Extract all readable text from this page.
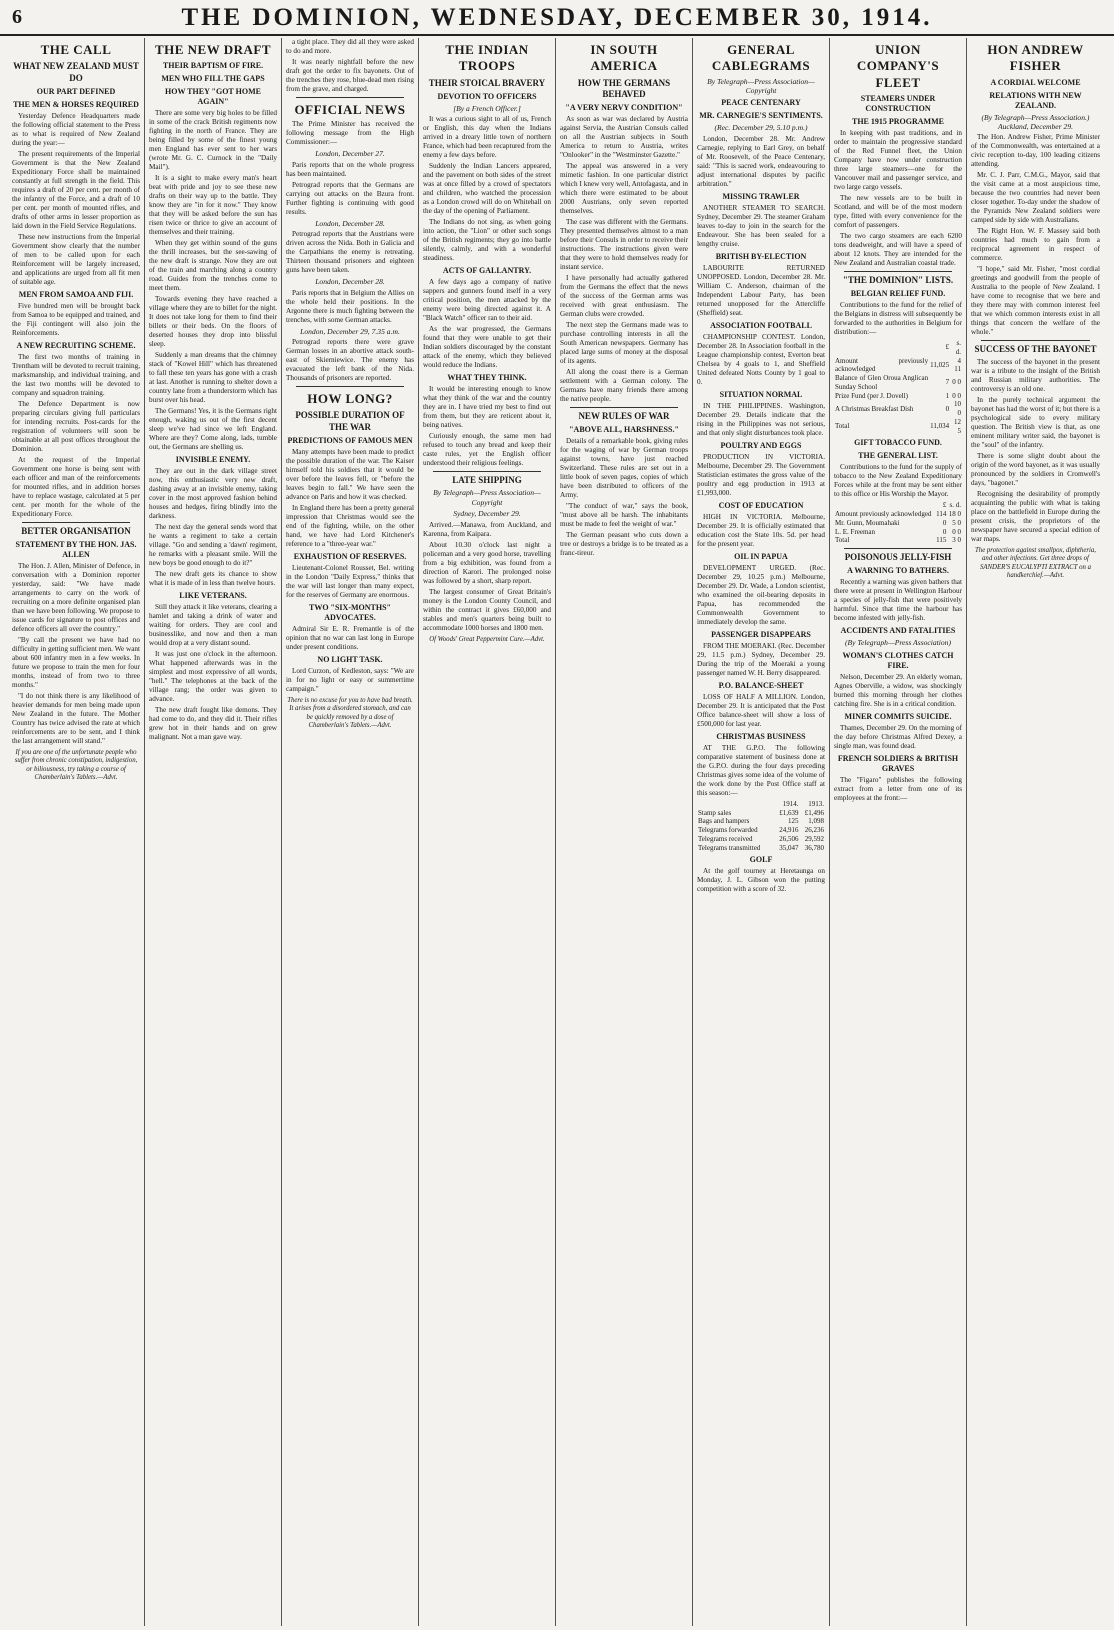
6	THE DOMINION, WEDNESDAY, DECEMBER 30, 1914.
THE CALL
WHAT NEW ZEALAND MUST DO
OUR PART DEFINED
THE MEN & HORSES REQUIRED

Yesterday Defence Headquarters made the following official statement to the Press as to what is required of New Zealand during the year:—

The present requirements of the Imperial Government is that the New Zealand Expeditionary Force shall be maintained constantly at full strength in the field. This requires a draft of 20 per cent. per month of the infantry of the Force, and a draft of 10 per cent. per month of mounted rifles, and drafts of other arms in lesser proportion as laid down in the Field Service Regulations.

These new instructions from the Imperial Government show clearly that the number of men to be called upon for each Reinforcement will be largely increased, and applications are urged from all fit men of suitable age.

MEN FROM SAMOA AND FIJI.

Five hundred men will be brought back from Samoa to be equipped and trained, and the Fiji contingent will also join the Reinforcements.

A NEW RECRUITING SCHEME.

The first two months of training in Trentham will be devoted to recruit training, marksmanship, and individual training, and the last two months will be devoted to company and squadron training.

The Defence Department is now preparing circulars giving full particulars for intending recruits. Post-cards for the registration of volunteers will soon be obtainable at all post offices throughout the Dominion.

At the request of the Imperial Government one horse is being sent with each officer and man of the reinforcements for mounted rifles, and in addition horses have to replace wastage, calculated at 5 per cent. per month for the whole of the Expeditionary Force.

BETTER ORGANISATION
STATEMENT BY THE HON. JAS. ALLEN

The Hon. J. Allen, Minister of Defence, in conversation with a Dominion reporter yesterday, said: "We have made arrangements to carry on the work of recruiting on a more definite organised plan than we have been following. We propose to issue cards for signature to post offices and defence officers all over the country."

"By call the present we have had no difficulty in getting sufficient men. We want about 600 infantry men in a few weeks. In future we propose to train the men for four months, instead of from two to three months."

"I do not think there is any likelihood of heavier demands for men being made upon New Zealand in the future. The Mother Country has twice advised the rate at which reinforcements are to be sent, and I think the last arrangement will stand."

If you are one of the unfortunate people who suffer from chronic constipation, indigestion, or biliousness, try taking a course of Chamberlain's Tablets.—Advt.
THE NEW DRAFT
THEIR BAPTISM OF FIRE.
MEN WHO FILL THE GAPS
HOW THEY "GOT HOME AGAIN"

There are some very big holes to be filled in some of the crack British regiments now fighting in the north of France. They are being filled by some of the finest young men England has ever sent to her wars (wrote Mr. G. C. Curnock in the "Daily Mail").

It is a sight to make every man's heart beat with pride and joy to see these new drafts on their way up to the battle. They know they are "in for it now." They know that they will be asked before the sun has risen twice or thrice to give an account of themselves and their training.

When they get within sound of the guns the thrill increases, but the see-sawing of the new draft is strange. Now they are out of the train and marching along a country road. Guides from the trenches come to meet them.

Towards evening they have reached a village where they are to billet for the night. It does not take long for them to find their billets or their beds. On the floors of deserted houses they drop into blissful sleep.

Suddenly a man dreams that the chimney stack of "Kowel Hill" which has threatened to fall these ten years has gone with a crash at last. Another is running to shelter down a country lane from a thunderstorm which has burst over his head.

The Germans! Yes, it is the Germans right enough, waking us out of the first decent sleep we've had since we left England. Where are they? Come along, lads, tumble out, the Germans are shelling us.

INVISIBLE ENEMY.

They are out in the dark village street now, this enthusiastic very new draft, dashing away at an invisible enemy, taking cover in the most approved fashion behind houses and hedges, firing blindly into the darkness.

The next day the general sends word that he wants a regiment to take a certain village. "Go and sending a 'dawn' regiment, he remarks with a pleasant smile. Will the new boys be good enough to do it?"

The new draft gets its chance to show what it is made of in less than twelve hours.

LIKE VETERANS.

Still they attack it like veterans, clearing a hamlet and taking a drink of water and waiting for orders. They are cool and businesslike, and now and then a man would drop at a very distant sound.

It was just one o'clock in the afternoon. What happened afterwards was in the simplest and most expressive of all words, "hell." The telephones at the back of the village rang; the order was given to advance.

The new draft fought like demons. They had come to do, and they did it. Their rifles grew hot in their hands and on grew malignant. Not a man gave way.

a tight place. They did all they were asked to do and more.

It was nearly nightfall before the new draft got the order to fix bayonets. Out of the trenches they rose, blue-dead men rising from the grave, and charged.

OFFICIAL NEWS

The Prime Minister has received the following message from the High Commissioner:—

London, December 27.

Paris reports that on the whole progress has been maintained.

Petrograd reports that the Germans are carrying out attacks on the Bzura front. Further fighting is continuing with good results.

London, December 28.

Petrograd reports that the Austrians were driven across the Nida. Both in Galicia and the Carpathians the enemy is retreating. Thirteen thousand prisoners and eighteen guns have been taken.

London, December 28.

Paris reports that in Belgium the Allies on the whole held their positions. In the Argonne there is much fighting between the trenches, with some German attacks.

London, December 29, 7.35 a.m.

Petrograd reports there were grave German losses in an abortive attack south-east of Skierniewice. The enemy has evacuated the left bank of the Nida. Thousands of prisoners are reported.

HOW LONG?
POSSIBLE DURATION OF THE WAR
PREDICTIONS OF FAMOUS MEN

Many attempts have been made to predict the possible duration of the war. The Kaiser himself told his soldiers that it would be over before the leaves fell, or "before the leaves begin to fall." We have seen the advance on Paris and how it was checked.

In England there has been a pretty general impression that Christmas would see the end of the fighting, while, on the other hand, we have had Lord Kitchener's reference to a "three-year war."

EXHAUSTION OF RESERVES.

Lieutenant-Colonel Rousset, Bel. writing in the London "Daily Express," thinks that the war will last longer than many expect, for the reserves of Germany are enormous.

TWO "SIX-MONTHS" ADVOCATES.

Admiral Sir E. R. Fremantle is of the opinion that no war can last long in Europe under present conditions.

NO LIGHT TASK.

Lord Curzon, of Kedleston, says: "We are in for no light or easy or summertime campaign."

There is no excuse for you to have bad breath. It arises from a disordered stomach, and can be quickly removed by a dose of Chamberlain's Tablets.—Advt.
THE INDIAN TROOPS
THEIR STOICAL BRAVERY
DEVOTION TO OFFICERS
[By a French Officer.]

It was a curious sight to all of us, French or English, this day when the Indians arrived in a dreary little town of northern France, which had been recaptured from the enemy a few days before.

Suddenly the Indian Lancers appeared, and the pavement on both sides of the street was at once filled by a crowd of spectators and children, who watched the procession as a London crowd will do on Whitehall on the day of the opening of Parliament.

The Indians do not sing, as when going into action, the "Lion" or other such songs of the British regiments; they go into battle silently, calmly, and with a wonderful steadiness.

ACTS OF GALLANTRY.

A few days ago a company of native sappers and gunners found itself in a very critical position, the men attacked by the enemy were being directed against it. A "Black Watch" officer ran to their aid.

As the war progressed, the Germans found that they were unable to get their Indian soldiers discouraged by the constant attack of the enemy, which they believed would reduce the Indians.

WHAT THEY THINK.

It would be interesting enough to know what they think of the war and the country they are in. I have tried my best to find out from them, but they are reticent about it, being natives.

Curiously enough, the same men had refused to touch any bread and keep their caste rules, yet the English officer understood their religious feelings.

LATE SHIPPING
By Telegraph—Press Association—Copyright
Sydney, December 29.

Arrived.—Manawa, from Auckland, and Karenna, from Kaipara.

About 10.30 o'clock last night a policeman and a very good horse, travelling from a big exhibition, was found from a direction of Karori. The prolonged noise was followed by a short, sharp report.

The largest consumer of Great Britain's money is the London County Council, and within the contract it gives £60,000 and stables and men's quarters being built to accommodate 1000 horses and 1800 men.

Of Woods' Great Peppermint Cure.—Advt.
IN SOUTH AMERICA
HOW THE GERMANS BEHAVED
"A VERY NERVY CONDITION"

As soon as war was declared by Austria against Servia, the Austrian Consuls called on all the Austrian subjects in South America to return to Austria, writes "Onlooker" in the "Westminster Gazette."

The appeal was answered in a very mimetic fashion. In one particular district which I knew very well, Antofagasta, and in which there were estimated to be about 2000 Austrians, only seven reported themselves.

The case was different with the Germans. They presented themselves almost to a man before their Consuls in order to receive their instructions. The instructions given were that they were to hold themselves ready for instant service.

I have personally had actually gathered from the Germans the effect that the news of the success of the German arms was received with great enthusiasm. The German clubs were crowded.

The next step the Germans made was to purchase controlling interests in all the South American newspapers. Germany has placed large sums of money at the disposal of its agents.

All along the coast there is a German settlement with a German colony. The Germans have many friends there among the native people.

NEW RULES OF WAR
"ABOVE ALL, HARSHNESS."

Details of a remarkable book, giving rules for the waging of war by German troops against towns, have just reached Switzerland. These rules are set out in a little book of seven pages, copies of which have been distributed to officers of the Army.

"The conduct of war," says the book, "must above all be harsh. The inhabitants must be made to feel the weight of war."

The German peasant who cuts down a tree or destroys a bridge is to be treated as a franc-tireur.

GENERAL CABLEGRAMS
By Telegraph—Press Association—Copyright
PEACE CENTENARY
MR. CARNEGIE'S SENTIMENTS.
(Rec. December 29, 5.10 p.m.)

London, December 28. Mr. Andrew Carnegie, replying to Earl Grey, on behalf of Mr. Roosevelt, of the Peace Centenary, said: "This is sacred work, endeavouring to adjust international disputes by pacific arbitration."

MISSING TRAWLER

ANOTHER STEAMER TO SEARCH. Sydney, December 29. The steamer Graham leaves to-day to join in the search for the Endeavour. She has been sealed for a lengthy cruise.

BRITISH BY-ELECTION

LABOURITE RETURNED UNOPPOSED. London, December 28. Mr. William C. Anderson, chairman of the Independent Labour Party, has been returned unopposed for the Attercliffe (Sheffield) seat.

ASSOCIATION FOOTBALL

CHAMPIONSHIP CONTEST. London, December 28. In Association football in the League championship contest, Everton beat Chelsea by 4 goals to 1, and Sheffield United defeated Notts County by 1 goal to 0.

SITUATION NORMAL

IN THE PHILIPPINES. Washington, December 29. Details indicate that the rising in the Philippines was not serious, and that only slight disturbances took place.

POULTRY AND EGGS

PRODUCTION IN VICTORIA. Melbourne, December 29. The Government Statistician estimates the gross value of the poultry and egg production in 1913 at £1,993,000.

COST OF EDUCATION

HIGH IN VICTORIA. Melbourne, December 29. It is officially estimated that education cost the State 10s. 5d. per head for the present year.

OIL IN PAPUA

DEVELOPMENT URGED. (Rec. December 29, 10.25 p.m.) Melbourne, December 29. Dr. Wade, a London scientist, who examined the oil-bearing deposits in Papua, has recommended the Commonwealth Government to immediately develop the same.

PASSENGER DISAPPEARS

FROM THE MOERAKI. (Rec. December 29, 11.5 p.m.) Sydney, December 29. During the trip of the Moeraki a young passenger named W. H. Berry disappeared.

P.O. BALANCE-SHEET

LOSS OF HALF A MILLION. London, December 29. It is anticipated that the Post Office balance-sheet will show a loss of £500,000 for last year.

CHRISTMAS BUSINESS

AT THE G.P.O. The following comparative statement of business done at the G.P.O. during the four days preceding Christmas gives some idea of the volume of the work done by the Post Office staff at this season:—

	1914.	1913.
Stamp sales	£1,639	£1,496
Bags and hampers	125	1,098
Telegrams forwarded	24,916	26,236
Telegrams received	26,506	29,592
Telegrams transmitted	35,047	36,780
GOLF

At the golf tourney at Heretaunga on Monday, J. L. Gibson won the putting competition with a score of 32.

UNION COMPANY'S FLEET
STEAMERS UNDER CONSTRUCTION
THE 1915 PROGRAMME

In keeping with past traditions, and in order to maintain the progressive standard of the Red Funnel fleet, the Union Company have now under construction three large steamers—one for the Vancouver mail and passenger service, and two large cargo vessels.

The new vessels are to be built in Scotland, and will be of the most modern type, fitted with every convenience for the comfort of passengers.

The two cargo steamers are each 6200 tons deadweight, and will have a speed of about 12 knots. They are intended for the New Zealand and Australian coastal trade.

"THE DOMINION" LISTS.
BELGIAN RELIEF FUND.

Contributions to the fund for the relief of the Belgians in distress will subsequently be forwarded to the authorities in Belgium for distribution:—

	£	s. d.
Amount previously acknowledged	11,025	4 11
Balance of Glen Oroua Anglican Sunday School	7	0 0
Prize Fund (per J. Dovell)	1	0 0
A Christmas Breakfast Dish	0	10 0
Total	11,034	12 5
GIFT TOBACCO FUND.
THE GENERAL LIST.

Contributions to the fund for the supply of tobacco to the New Zealand Expeditionary Forces while at the front may be sent either to this office or His Worship the Mayor.

	£	s. d.
Amount previously acknowledged	114	18 0
Mr. Gunn, Moumahaki	0	5 0
L. E. Freeman	0	0 0
Total	115	3 0
POISONOUS JELLY-FISH
A WARNING TO BATHERS.

Recently a warning was given bathers that there were at present in Wellington Harbour a species of jelly-fish that were positively harmful. Since that time the harbour has become infested with jelly-fish.

ACCIDENTS AND FATALITIES
(By Telegraph—Press Association)
WOMAN'S CLOTHES CATCH FIRE.

Nelson, December 29. An elderly woman, Agnes Oberville, a widow, was shockingly burned this morning through her clothes catching fire. She is in a critical condition.

MINER COMMITS SUICIDE.

Thames, December 29. On the morning of the day before Christmas Alfred Dexey, a single man, was found dead.

FRENCH SOLDIERS & BRITISH GRAVES

The "Figaro" publishes the following extract from a letter from one of its employees at the front:—

HON ANDREW FISHER
A CORDIAL WELCOME
RELATIONS WITH NEW ZEALAND.
(By Telegraph—Press Association.) Auckland, December 29.

The Hon. Andrew Fisher, Prime Minister of the Commonwealth, was entertained at a civic reception to-day, 100 leading citizens attending.

Mr. C. J. Parr, C.M.G., Mayor, said that the visit came at a most auspicious time, because the two countries had never been closer together. To-day under the shadow of the Pyramids New Zealand soldiers were camped side by side with Australians.

The Right Hon. W. F. Massey said both countries had much to gain from a reciprocal agreement in respect of commerce.

"I hope," said Mr. Fisher, "most cordial greetings and goodwill from the people of Australia to the people of New Zealand. I have come to recognise that we here and they there may with common interest feel that we which common interests exist in all things that concern the welfare of the whole."

SUCCESS OF THE BAYONET

The success of the bayonet in the present war is a tribute to the insight of the British and Russian military authorities. The controversy is an old one.

In the purely technical argument the bayonet has had the worst of it; but there is a psychological side to every military question. The British view is that, as one eminent military writer said, the bayonet is the "soul" of the infantry.

There is some slight doubt about the origin of the word bayonet, as it was usually pronounced by the soldiers in Cromwell's days, "bagonet."

Recognising the desirability of promptly acquainting the public with what is taking place on the battlefield in Europe during the present crisis, the proprietors of the newspaper have secured a special edition of war maps.

The protection against smallpox, diphtheria, and other infections. Get three drops of SANDER'S EUCALYPTI EXTRACT on a handkerchief.—Advt.
